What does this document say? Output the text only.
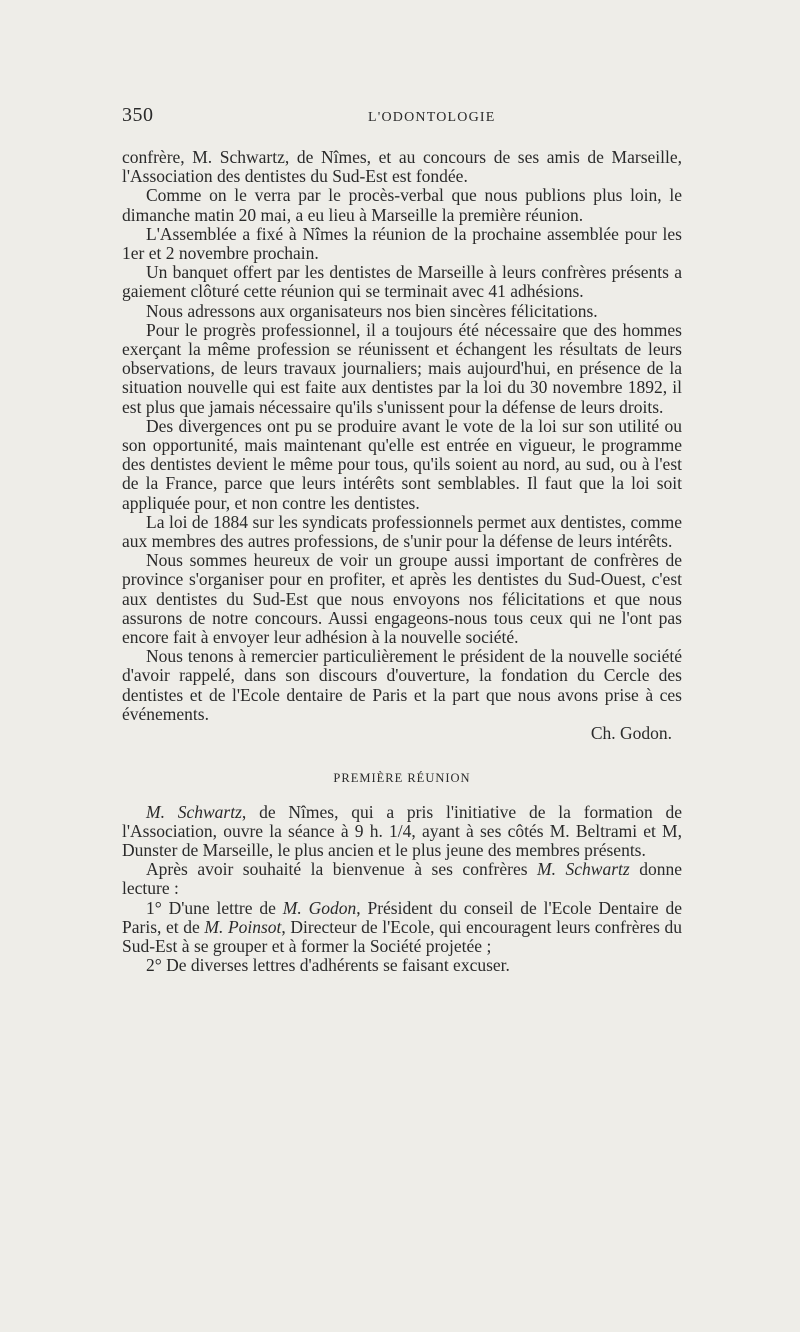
350	L'ODONTOLOGIE

confrère, M. Schwartz, de Nîmes, et au concours de ses amis de Marseille, l'Association des dentistes du Sud-Est est fondée.

Comme on le verra par le procès-verbal que nous publions plus loin, le dimanche matin 20 mai, a eu lieu à Marseille la première réunion.

L'Assemblée a fixé à Nîmes la réunion de la prochaine assemblée pour les 1er et 2 novembre prochain.

Un banquet offert par les dentistes de Marseille à leurs confrères présents a gaiement clôturé cette réunion qui se terminait avec 41 adhésions.

Nous adressons aux organisateurs nos bien sincères félicitations.

Pour le progrès professionnel, il a toujours été nécessaire que des hommes exerçant la même profession se réunissent et échangent les résultats de leurs observations, de leurs travaux journaliers; mais aujourd'hui, en présence de la situation nouvelle qui est faite aux dentistes par la loi du 30 novembre 1892, il est plus que jamais nécessaire qu'ils s'unissent pour la défense de leurs droits.

Des divergences ont pu se produire avant le vote de la loi sur son utilité ou son opportunité, mais maintenant qu'elle est entrée en vigueur, le programme des dentistes devient le même pour tous, qu'ils soient au nord, au sud, ou à l'est de la France, parce que leurs intérêts sont semblables. Il faut que la loi soit appliquée pour, et non contre les dentistes.

La loi de 1884 sur les syndicats professionnels permet aux dentistes, comme aux membres des autres professions, de s'unir pour la défense de leurs intérêts.

Nous sommes heureux de voir un groupe aussi important de confrères de province s'organiser pour en profiter, et après les dentistes du Sud-Ouest, c'est aux dentistes du Sud-Est que nous envoyons nos félicitations et que nous assurons de notre concours. Aussi engageons-nous tous ceux qui ne l'ont pas encore fait à envoyer leur adhésion à la nouvelle société.

Nous tenons à remercier particulièrement le président de la nouvelle société d'avoir rappelé, dans son discours d'ouverture, la fondation du Cercle des dentistes et de l'Ecole dentaire de Paris et la part que nous avons prise à ces événements.

Ch. Godon.

PREMIÈRE RÉUNION

M. Schwartz, de Nîmes, qui a pris l'initiative de la formation de l'Association, ouvre la séance à 9 h. 1/4, ayant à ses côtés M. Beltrami et M, Dunster de Marseille, le plus ancien et le plus jeune des membres présents.

Après avoir souhaité la bienvenue à ses confrères M. Schwartz donne lecture :

1° D'une lettre de M. Godon, Président du conseil de l'Ecole Dentaire de Paris, et de M. Poinsot, Directeur de l'Ecole, qui encouragent leurs confrères du Sud-Est à se grouper et à former la Société projetée ;

2° De diverses lettres d'adhérents se faisant excuser.
